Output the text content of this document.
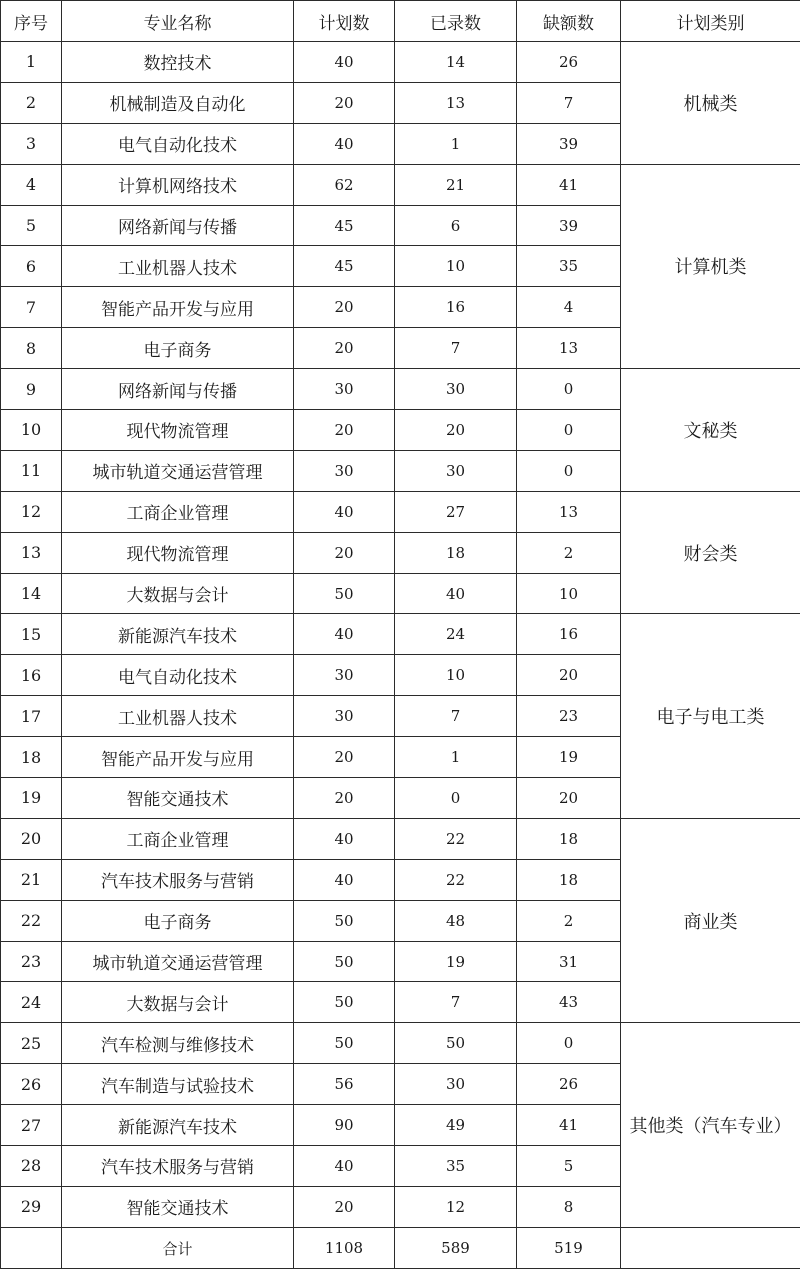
序号	专业名称	计划数	已录数	缺额数	计划类别
1	数控技术	40	14	26	机械类
2	机械制造及自动化	20	13	7	
3	电气自动化技术	40	1	39	
4	计算机网络技术	62	21	41	计算机类
5	网络新闻与传播	45	6	39	
6	工业机器人技术	45	10	35	
7	智能产品开发与应用	20	16	4	
8	电子商务	20	7	13	
9	网络新闻与传播	30	30	0	文秘类
10	现代物流管理	20	20	0	
11	城市轨道交通运营管理	30	30	0	
12	工商企业管理	40	27	13	财会类
13	现代物流管理	20	18	2	
14	大数据与会计	50	40	10	
15	新能源汽车技术	40	24	16	电子与电工类
16	电气自动化技术	30	10	20	
17	工业机器人技术	30	7	23	
18	智能产品开发与应用	20	1	19	
19	智能交通技术	20	0	20	
20	工商企业管理	40	22	18	商业类
21	汽车技术服务与营销	40	22	18	
22	电子商务	50	48	2	
23	城市轨道交通运营管理	50	19	31	
24	大数据与会计	50	7	43	
25	汽车检测与维修技术	50	50	0	其他类（汽车专业）
26	汽车制造与试验技术	56	30	26	
27	新能源汽车技术	90	49	41	
28	汽车技术服务与营销	40	35	5	
29	智能交通技术	20	12	8	
	合计	1108	589	519	
